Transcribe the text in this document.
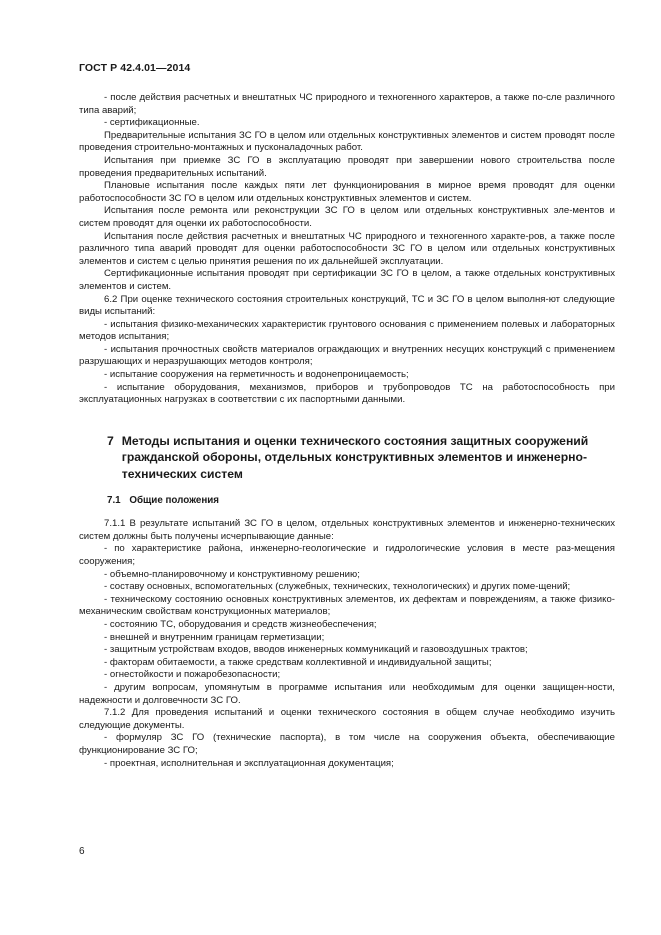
ГОСТ Р 42.4.01—2014

- после действия расчетных и внештатных ЧС природного и техногенного характеров, а также по-сле различного типа аварий;

- сертификационные.

Предварительные испытания ЗС ГО в целом или отдельных конструктивных элементов и систем проводят после проведения строительно-монтажных и пусконаладочных работ.

Испытания при приемке ЗС ГО в эксплуатацию проводят при завершении нового строительства после проведения предварительных испытаний.

Плановые испытания после каждых пяти лет функционирования в мирное время проводят для оценки работоспособности ЗС ГО в целом или отдельных конструктивных элементов и систем.

Испытания после ремонта или реконструкции ЗС ГО в целом или отдельных конструктивных эле-ментов и систем проводят для оценки их работоспособности.

Испытания после действия расчетных и внештатных ЧС природного и техногенного характе-ров, а также после различного типа аварий проводят для оценки работоспособности ЗС ГО в целом или отдельных конструктивных элементов и систем с целью принятия решения по их дальнейшей эксплуатации.

Сертификационные испытания проводят при сертификации ЗС ГО в целом, а также отдельных конструктивных элементов и систем.

6.2 При оценке технического состояния строительных конструкций, ТС и ЗС ГО в целом выполня-ют следующие виды испытаний:

- испытания физико-механических характеристик грунтового основания с применением полевых и лабораторных методов испытания;

- испытания прочностных свойств материалов ограждающих и внутренних несущих конструкций с применением разрушающих и неразрушающих методов контроля;

- испытание сооружения на герметичность и водонепроницаемость;

- испытание оборудования, механизмов, приборов и трубопроводов ТС на работоспособность при эксплуатационных нагрузках в соответствии с их паспортными данными.

7 Методы испытания и оценки технического состояния защитных сооружений гражданской обороны, отдельных конструктивных элементов и инженерно-технических систем
7.1 Общие положения

7.1.1 В результате испытаний ЗС ГО в целом, отдельных конструктивных элементов и инженерно-технических систем должны быть получены исчерпывающие данные:

- по характеристике района, инженерно-геологические и гидрологические условия в месте раз-мещения сооружения;

- объемно-планировочному и конструктивному решению;

- составу основных, вспомогательных (служебных, технических, технологических) и других поме-щений;

- техническому состоянию основных конструктивных элементов, их дефектам и повреждениям, а также физико-механическим свойствам конструкционных материалов;

- состоянию ТС, оборудования и средств жизнеобеспечения;

- внешней и внутренним границам герметизации;

- защитным устройствам входов, вводов инженерных коммуникаций и газовоздушных трактов;

- факторам обитаемости, а также средствам коллективной и индивидуальной защиты;

- огнестойкости и пожаробезопасности;

- другим вопросам, упомянутым в программе испытания или необходимым для оценки защищен-ности, надежности и долговечности ЗС ГО.

7.1.2 Для проведения испытаний и оценки технического состояния в общем случае необходимо изучить следующие документы.

- формуляр ЗС ГО (технические паспорта), в том числе на сооружения объекта, обеспечивающие функционирование ЗС ГО;

- проектная, исполнительная и эксплуатационная документация;

6
